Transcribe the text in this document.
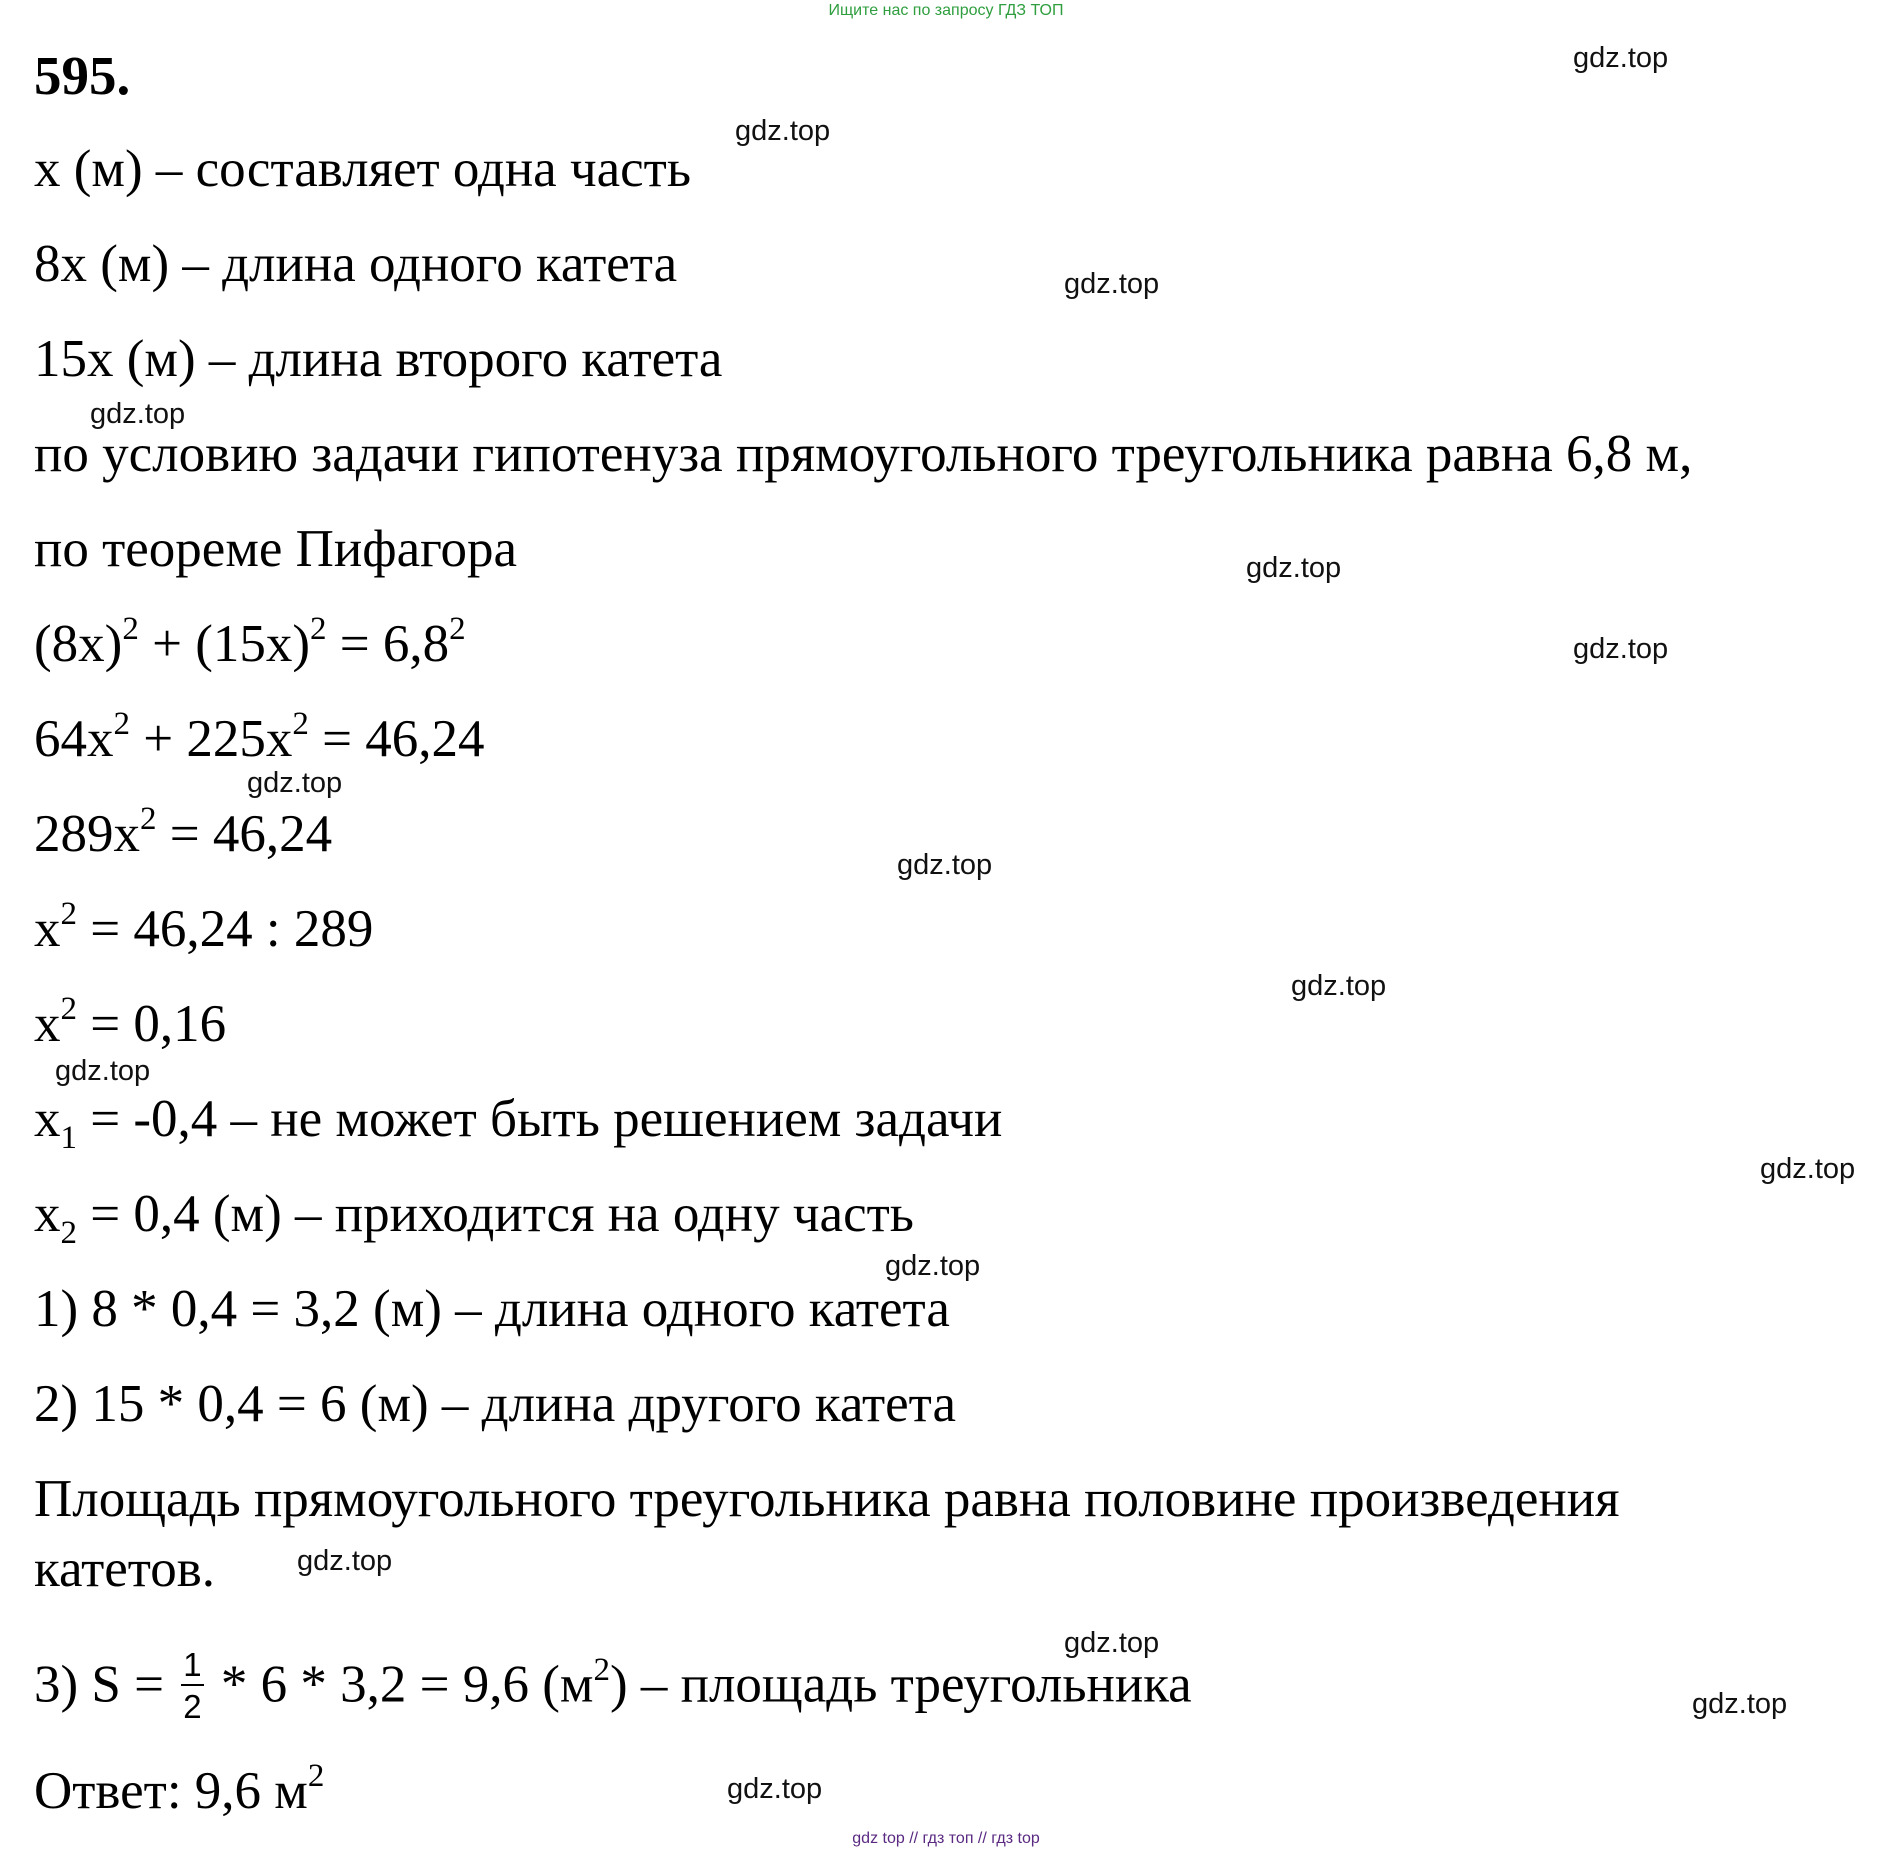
Ищите нас по запросу ГДЗ ТОП
595.
x (м) – составляет одна часть
8x (м) – длина одного катета
15x (м) – длина второго катета
по условию задачи гипотенуза прямоугольного треугольника равна 6,8 м,
по теореме Пифагора
$(8x)^2 + (15x)^2 = 6,8^2$
$64x^2 + 225x^2 = 46,24$
$289x^2 = 46,24$
$x^2 = 46,24$ : 289
$x^2 = 0,16$
$x_1 = -0,4$ – не может быть решением задачи
$x_2 = 0,4$ (м) – приходится на одну часть
1) 8 * 0,4 = 3,2 (м) – длина одного катета
2) 15 * 0,4 = 6 (м) – длина другого катета
Площадь прямоугольного треугольника равна половине произведения
катетов.
3) $S = \frac{1}{2} * 6 * 3,2 = 9,6$ $(м^2)$ – площадь треугольника
Ответ: 9,6 $м^2$
gdz.top
gdz.top
gdz.top
gdz.top
gdz.top
gdz.top
gdz.top
gdz.top
gdz.top
gdz.top
gdz.top
gdz.top
gdz.top
gdz.top
gdz.top
gdz.top
gdz top // гдз топ // гдз top
